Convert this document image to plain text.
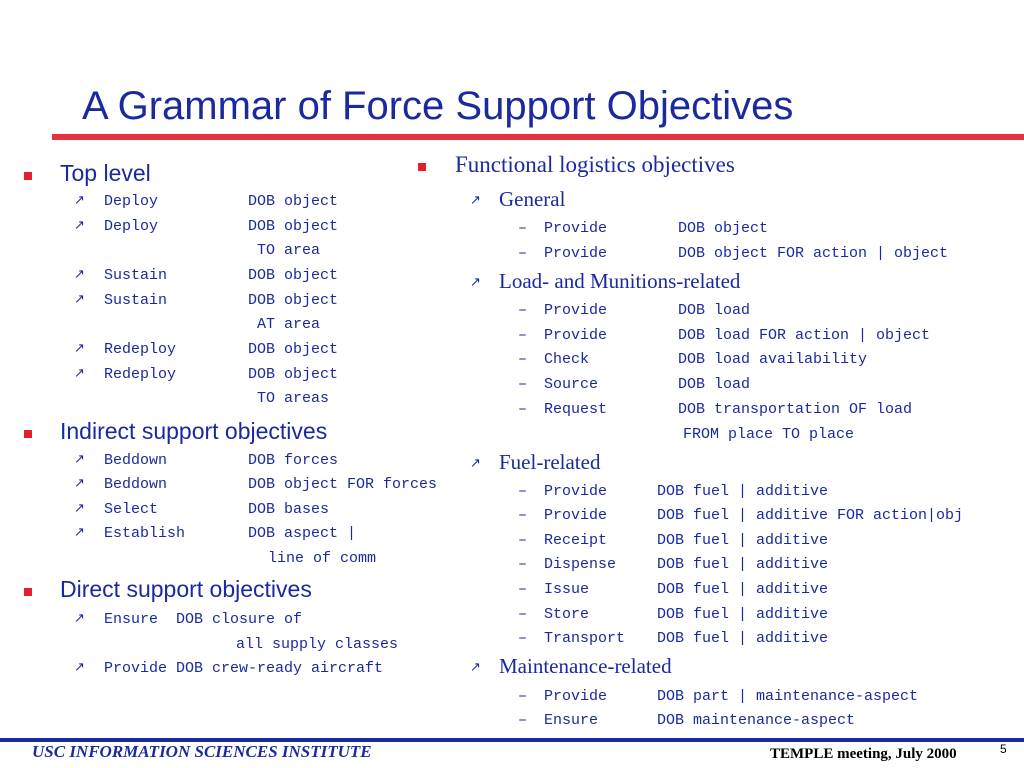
A Grammar of Force Support Objectives
Top level
↗ Deploy	DOB object
↗ Deploy	DOB object
TO area
↗ Sustain	DOB object
↗ Sustain	DOB object
AT area
↗ Redeploy	DOB object
↗ Redeploy	DOB object
TO areas
Indirect support objectives
↗ Beddown	DOB forces
↗ Beddown	DOB object FOR forces
↗ Select	DOB bases
↗ Establish	DOB aspect |
line of comm
Direct support objectives
↗ Ensure  DOB closure of
all supply classes
↗ Provide DOB crew-ready aircraft
Functional logistics objectives
↗ General
– Provide	DOB object
– Provide	DOB object FOR action | object
↗ Load- and Munitions-related
– Provide	DOB load
– Provide	DOB load FOR action | object
– Check	DOB load availability
– Source	DOB load
– Request	DOB transportation OF load
FROM place TO place
↗ Fuel-related
– Provide	DOB fuel | additive
– Provide	DOB fuel | additive FOR action|obj
– Receipt	DOB fuel | additive
– Dispense	DOB fuel | additive
– Issue	DOB fuel | additive
– Store	DOB fuel | additive
– Transport DOB fuel | additive
↗ Maintenance-related
– Provide	DOB part | maintenance-aspect
– Ensure	DOB maintenance-aspect
USC INFORMATION SCIENCES INSTITUTE	TEMPLE meeting, July 2000	5
